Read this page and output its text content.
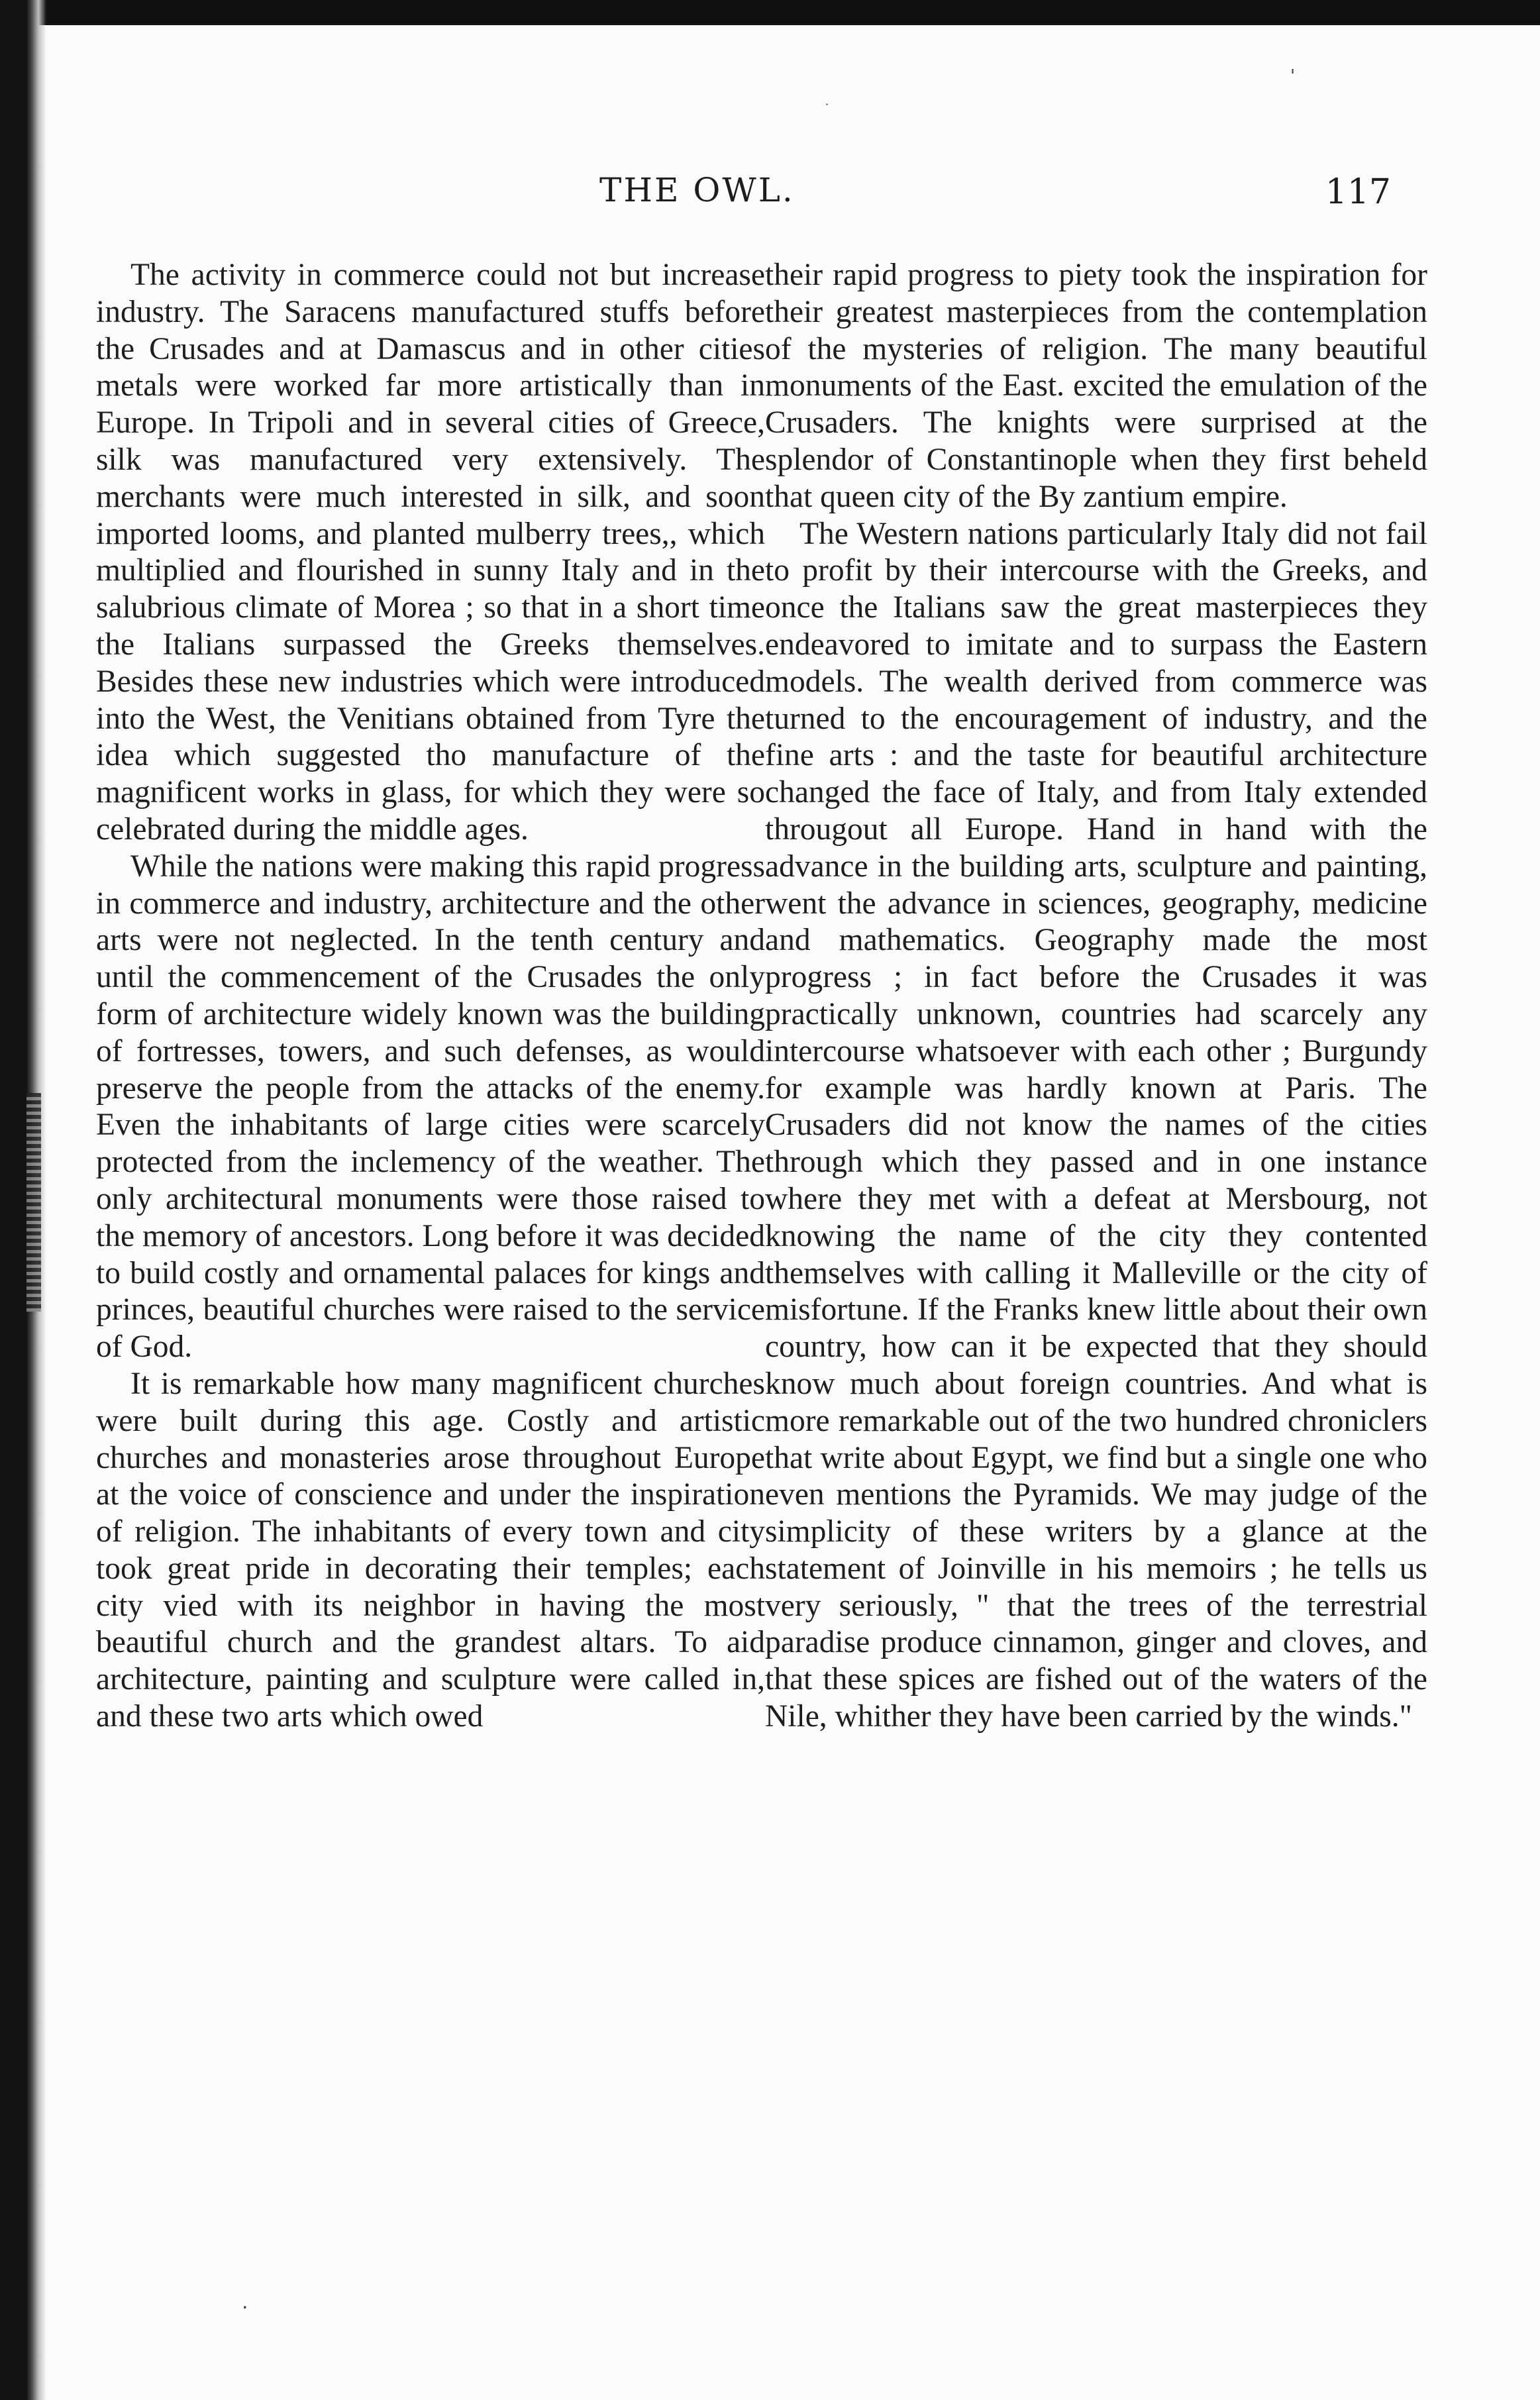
'
.
THE OWL.	117

The activity in commerce could not but increase industry. The Saracens manufactured stuffs before the Crusades and at Damascus and in other cities metals were worked far more artistically than in Europe. In Tripoli and in several cities of Greece, silk was manufactured very extensively. The merchants were much interested in silk, and soon imported looms, and planted mulberry trees,, which multiplied and flourished in sunny Italy and in the salubrious climate of Morea ; so that in a short time the Italians surpassed the Greeks themselves. Besides these new industries which were introduced into the West, the Venitians obtained from Tyre the idea which suggested tho manufacture of the magnificent works in glass, for which they were so celebrated during the middle ages.

While the nations were making this rapid progress in commerce and industry, architecture and the other arts were not neglected. In the tenth century and until the commencement of the Crusades the only form of architecture widely known was the building of fortresses, towers, and such defenses, as would preserve the people from the attacks of the enemy. Even the inhabitants of large cities were scarcely protected from the inclemency of the weather. The only architectural monuments were those raised to the memory of ancestors. Long before it was decided to build costly and ornamental palaces for kings and princes, beautiful churches were raised to the service of God.

It is remarkable how many magnificent churches were built during this age. Costly and artistic churches and monasteries arose throughout Europe at the voice of conscience and under the inspiration of religion. The inhabitants of every town and city took great pride in decorating their temples; each city vied with its neighbor in having the most beautiful church and the grandest altars. To aid architecture, painting and sculpture were called in, and these two arts which owed

their rapid progress to piety took the inspiration for their greatest masterpieces from the contemplation of the mysteries of religion. The many beautiful monuments of the East. excited the emulation of the Crusaders. The knights were surprised at the splendor of Constantinople when they first beheld that queen city of the By zantium empire.

The Western nations particularly Italy did not fail to profit by their intercourse with the Greeks, and once the Italians saw the great masterpieces they endeavored to imitate and to surpass the Eastern models. The wealth derived from commerce was turned to the encouragement of industry, and the fine arts : and the taste for beautiful architecture changed the face of Italy, and from Italy extended througout all Europe. Hand in hand with the advance in the building arts, sculpture and painting, went the advance in sciences, geography, medicine and mathematics. Geography made the most progress ; in fact before the Crusades it was practically unknown, countries had scarcely any intercourse whatsoever with each other ; Burgundy for example was hardly known at Paris. The Crusaders did not know the names of the cities through which they passed and in one instance where they met with a defeat at Mersbourg, not knowing the name of the city they contented themselves with calling it Malleville or the city of misfortune. If the Franks knew little about their own country, how can it be expected that they should know much about foreign countries. And what is more remarkable out of the two hundred chroniclers that write about Egypt, we find but a single one who even mentions the Pyramids. We may judge of the simplicity of these writers by a glance at the statement of Joinville in his memoirs ; he tells us very seriously, " that the trees of the terrestrial paradise produce cinnamon, ginger and cloves, and that these spices are fished out of the waters of the Nile, whither they have been carried by the winds."

.
